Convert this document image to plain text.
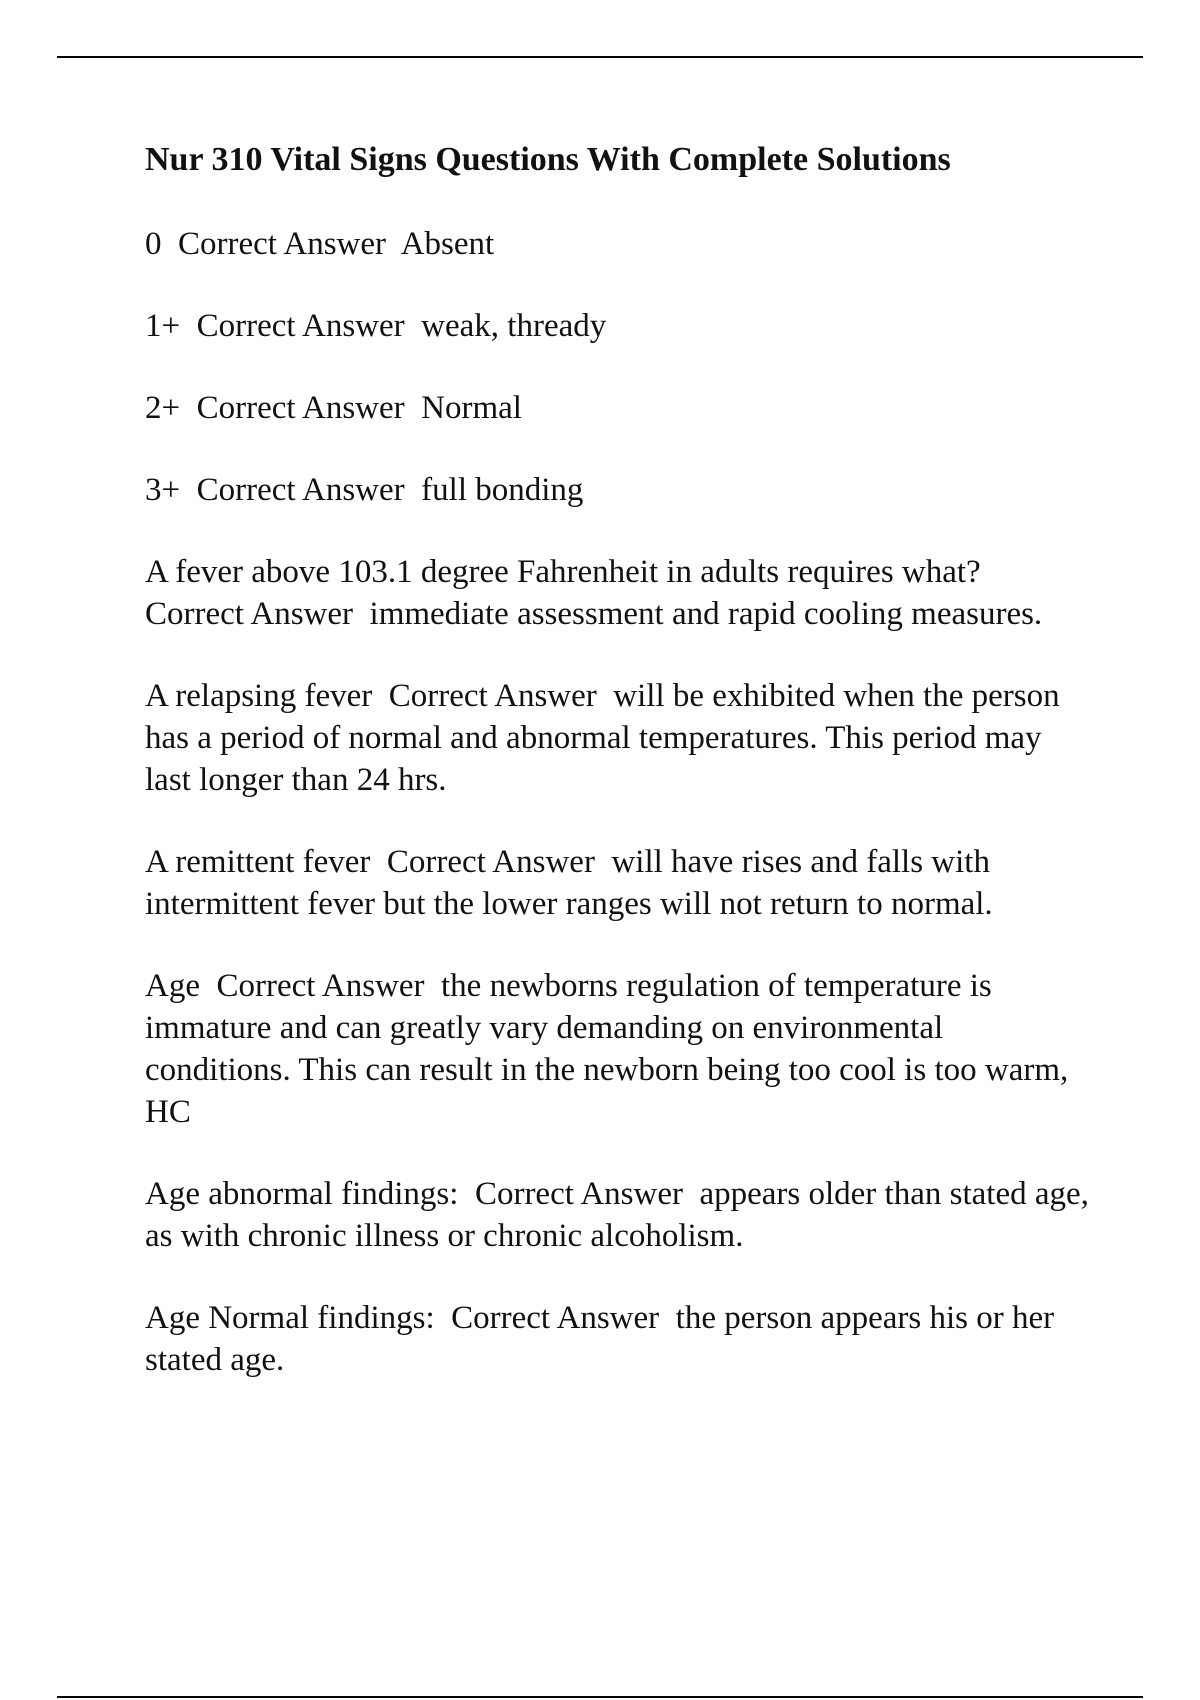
Nur 310 Vital Signs Questions With Complete Solutions
0 Correct Answer Absent
1+ Correct Answer weak, thready
2+ Correct Answer Normal
3+ Correct Answer full bonding
A fever above 103.1 degree Fahrenheit in adults requires what?
Correct Answer immediate assessment and rapid cooling measures.
A relapsing fever Correct Answer will be exhibited when the person has a period of normal and abnormal temperatures. This period may last longer than 24 hrs.
A remittent fever Correct Answer will have rises and falls with intermittent fever but the lower ranges will not return to normal.
Age Correct Answer the newborns regulation of temperature is immature and can greatly vary demanding on environmental conditions. This can result in the newborn being too cool is too warm, HC
Age abnormal findings: Correct Answer appears older than stated age, as with chronic illness or chronic alcoholism.
Age Normal findings: Correct Answer the person appears his or her stated age.
